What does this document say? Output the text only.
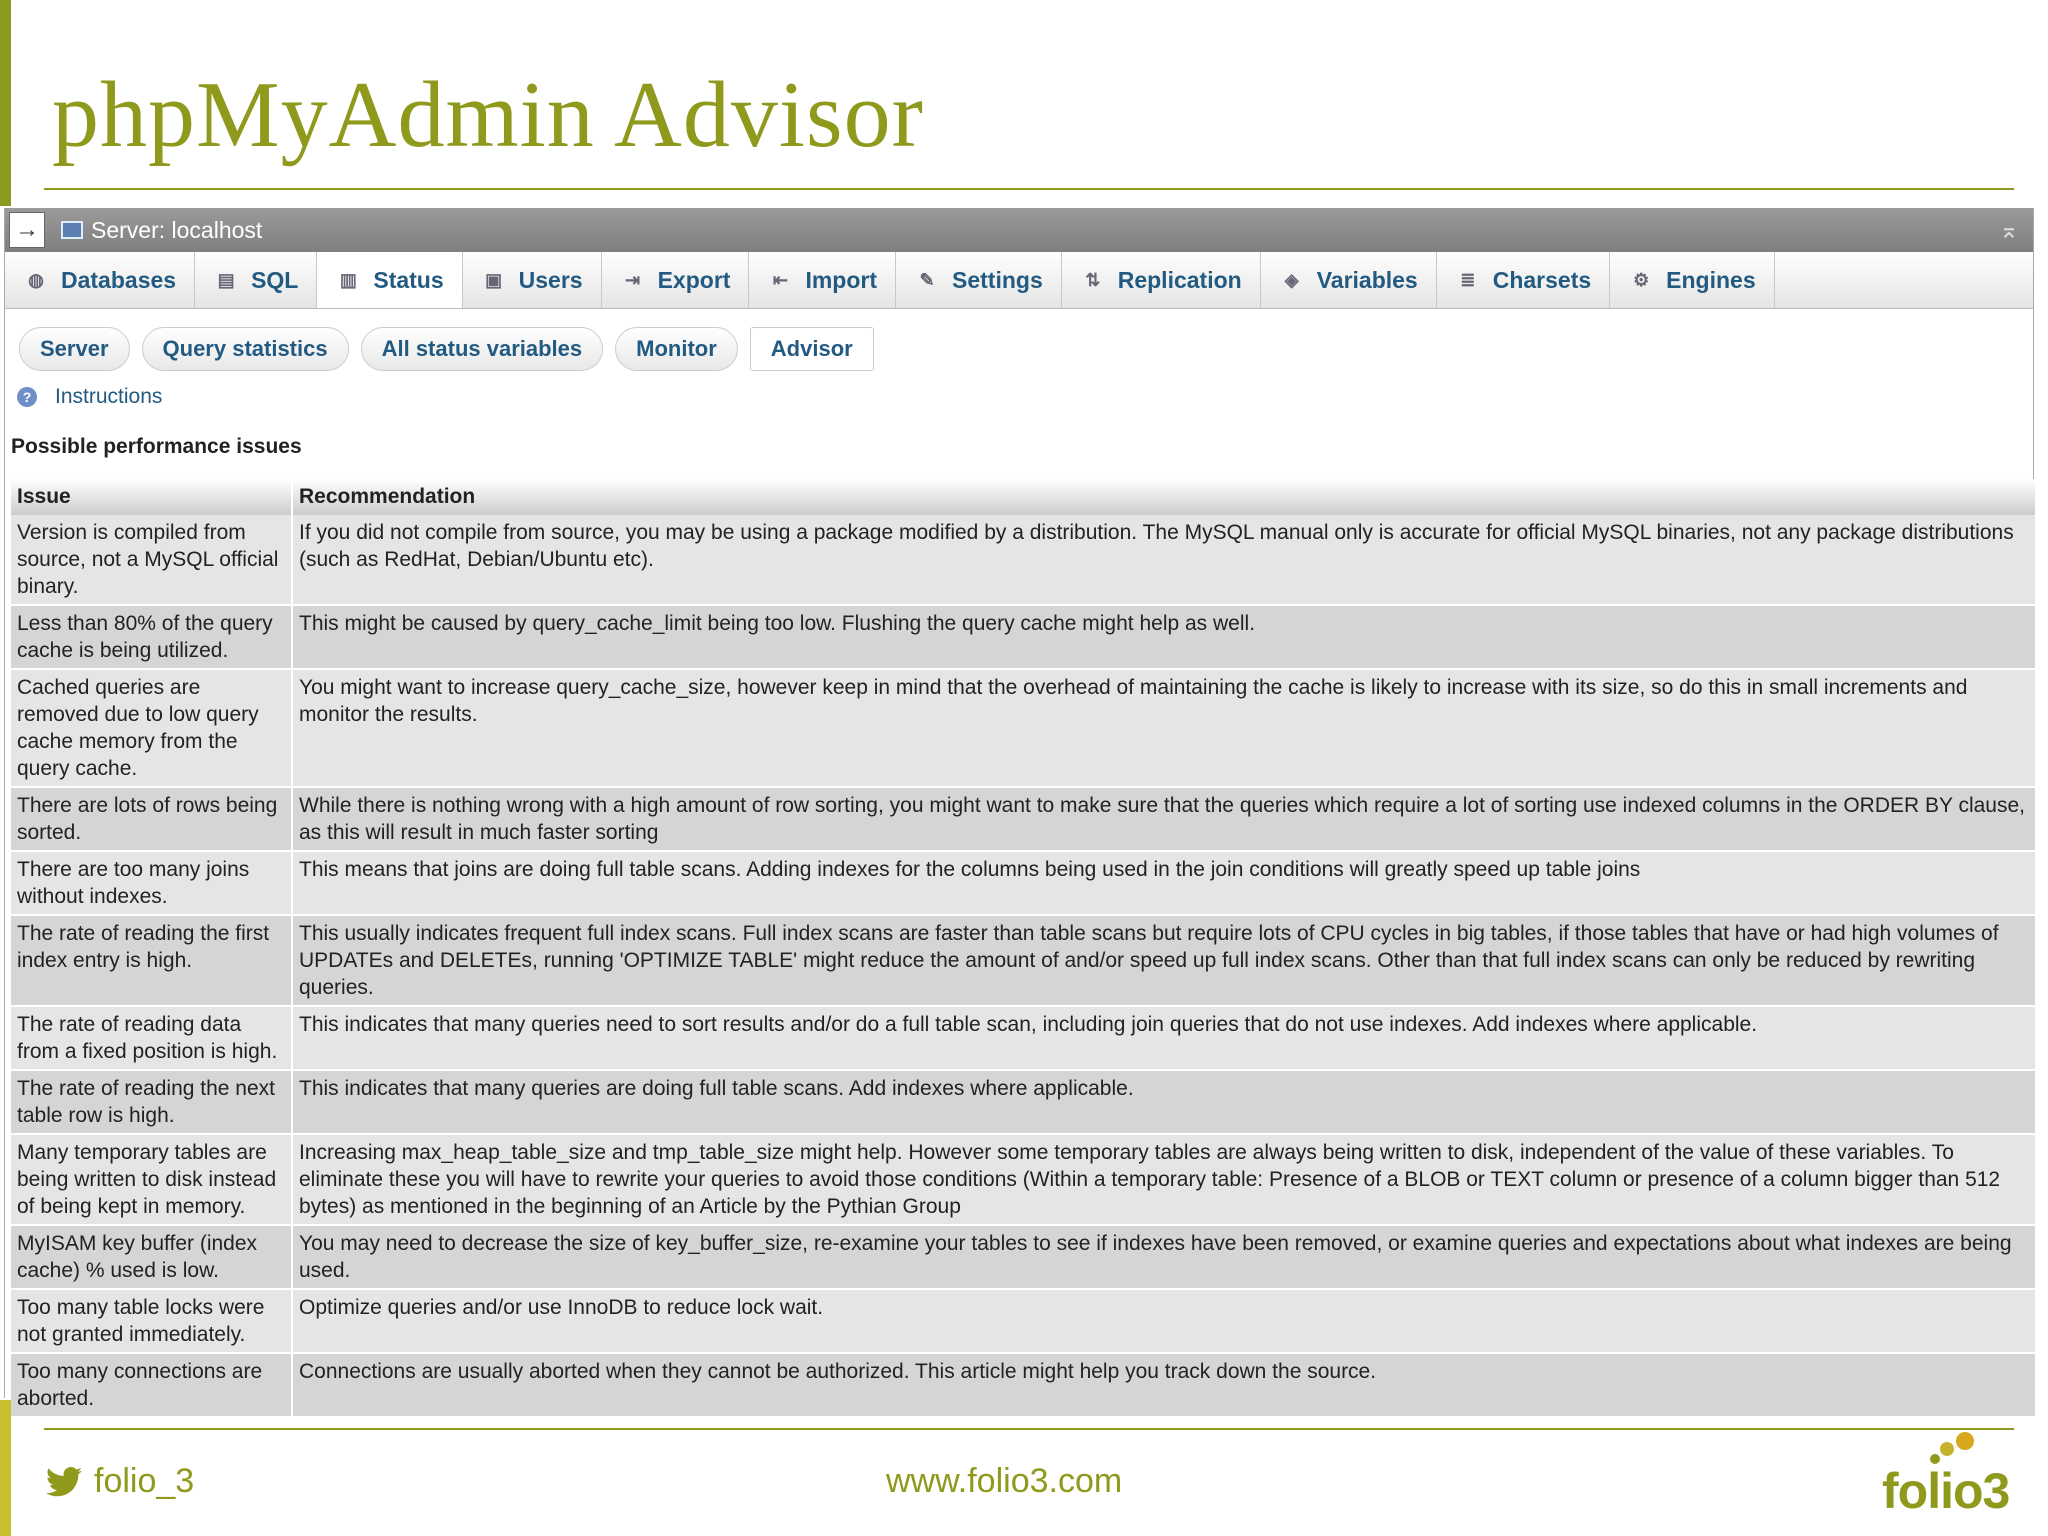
phpMyAdmin Advisor
→ Server: localhost	⌅
◍ Databases ▤ SQL ▥ Status ▣ Users ⇥ Export ⇤ Import ✎ Settings ⇅ Replication ◈ Variables ≣ Charsets ⚙ Engines
Server	Query statistics	All status variables	Monitor	Advisor
? Instructions
Possible performance issues
Issue	Recommendation
Version is compiled from source, not a MySQL official binary.	If you did not compile from source, you may be using a package modified by a distribution. The MySQL manual only is accurate for official MySQL binaries, not any package distributions (such as RedHat, Debian/Ubuntu etc).
Less than 80% of the query cache is being utilized.	This might be caused by query_cache_limit being too low. Flushing the query cache might help as well.
Cached queries are removed due to low query cache memory from the query cache.	You might want to increase query_cache_size, however keep in mind that the overhead of maintaining the cache is likely to increase with its size, so do this in small increments and monitor the results.
There are lots of rows being sorted.	While there is nothing wrong with a high amount of row sorting, you might want to make sure that the queries which require a lot of sorting use indexed columns in the ORDER BY clause, as this will result in much faster sorting
There are too many joins without indexes.	This means that joins are doing full table scans. Adding indexes for the columns being used in the join conditions will greatly speed up table joins
The rate of reading the first index entry is high.	This usually indicates frequent full index scans. Full index scans are faster than table scans but require lots of CPU cycles in big tables, if those tables that have or had high volumes of UPDATEs and DELETEs, running 'OPTIMIZE TABLE' might reduce the amount of and/or speed up full index scans. Other than that full index scans can only be reduced by rewriting queries.
The rate of reading data from a fixed position is high.	This indicates that many queries need to sort results and/or do a full table scan, including join queries that do not use indexes. Add indexes where applicable.
The rate of reading the next table row is high.	This indicates that many queries are doing full table scans. Add indexes where applicable.
Many temporary tables are being written to disk instead of being kept in memory.	Increasing max_heap_table_size and tmp_table_size might help. However some temporary tables are always being written to disk, independent of the value of these variables. To eliminate these you will have to rewrite your queries to avoid those conditions (Within a temporary table: Presence of a BLOB or TEXT column or presence of a column bigger than 512 bytes) as mentioned in the beginning of an Article by the Pythian Group
MyISAM key buffer (index cache) % used is low.	You may need to decrease the size of key_buffer_size, re-examine your tables to see if indexes have been removed, or examine queries and expectations about what indexes are being used.
Too many table locks were not granted immediately.	Optimize queries and/or use InnoDB to reduce lock wait.
Too many connections are aborted.	Connections are usually aborted when they cannot be authorized. This article might help you track down the source.
folio_3	www.folio3.com	folio3
